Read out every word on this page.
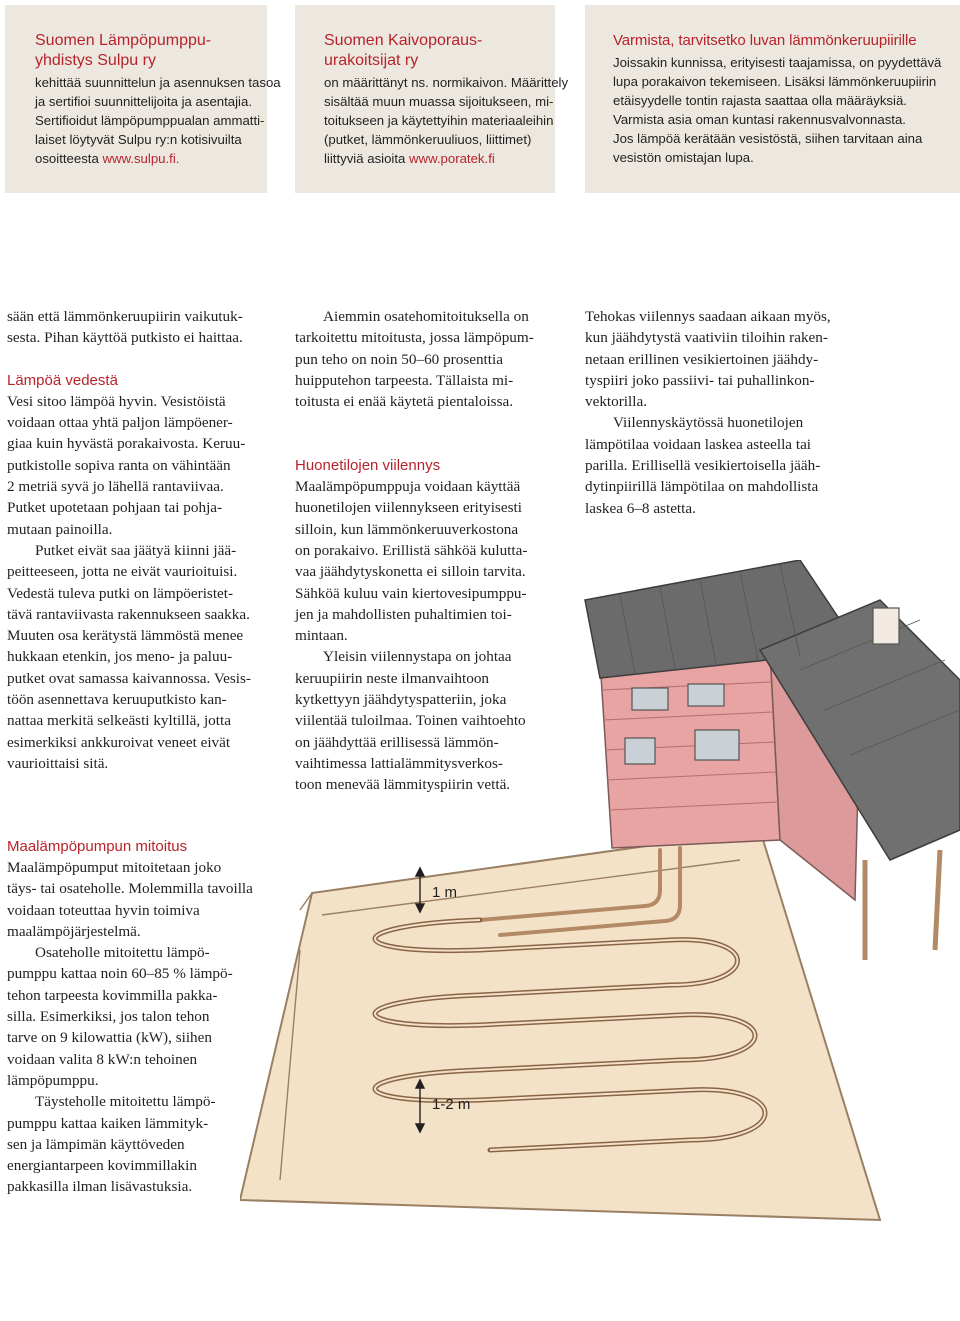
Suomen Lämpöpumppu-
yhdistys Sulpu ry
kehittää suunnittelun ja asennuksen tasoa
ja sertifioi suunnittelijoita ja asentajia.
Sertifioidut lämpöpumppualan ammatti-
laiset löytyvät Sulpu ry:n kotisivuilta
osoitteesta www.sulpu.fi.
Suomen Kaivoporaus-
urakoitsijat ry
on määrittänyt ns. normikaivon. Määrittely
sisältää muun muassa sijoitukseen, mi-
toitukseen ja käytettyihin materiaaleihin
(putket, lämmönkeruuliuos, liittimet)
liittyviä asioita www.poratek.fi
Varmista, tarvitsetko luvan lämmönkeruupiirille
Joissakin kunnissa, erityisesti taajamissa, on pyydettävä
lupa porakaivon tekemiseen. Lisäksi lämmönkeruupiirin
etäisyydelle tontin rajasta saattaa olla määräyksiä.
Varmista asia oman kuntasi rakennusvalvonnasta.
Jos lämpöä kerätään vesistöstä, siihen tarvitaan aina
vesistön omistajan lupa.
1 m
1-2 m
sään että lämmönkeruupiirin vaikutuk-
sesta. Pihan käyttöä putkisto ei haittaa.
Lämpöä vedestä
Vesi sitoo lämpöä hyvin. Vesistöistä
voidaan ottaa yhtä paljon lämpöener-
giaa kuin hyvästä porakaivosta. Keruu-
putkistolle sopiva ranta on vähintään
2 metriä syvä jo lähellä rantaviivaa.
Putket upotetaan pohjaan tai pohja-
mutaan painoilla.
Putket eivät saa jäätyä kiinni jää-
peitteeseen, jotta ne eivät vaurioituisi.
Vedestä tuleva putki on lämpöeristet-
tävä rantaviivasta rakennukseen saakka.
Muuten osa kerätystä lämmöstä menee
hukkaan etenkin, jos meno- ja paluu-
putket ovat samassa kaivannossa. Vesis-
töön asennettava keruuputkisto kan-
nattaa merkitä selkeästi kyltillä, jotta
esimerkiksi ankkuroivat veneet eivät
vaurioittaisi sitä.
Aiemmin osatehomitoituksella on
tarkoitettu mitoitusta, jossa lämpöpum-
pun teho on noin 50–60 prosenttia
huipputehon tarpeesta. Tällaista mi-
toitusta ei enää käytetä pientaloissa.
Huonetilojen viilennys
Maalämpöpumppuja voidaan käyttää
huonetilojen viilennykseen erityisesti
silloin, kun lämmönkeruuverkostona
on porakaivo. Erillistä sähköä kulutta-
vaa jäähdytyskonetta ei silloin tarvita.
Sähköä kuluu vain kiertovesipumppu-
jen ja mahdollisten puhaltimien toi-
mintaan.
Yleisin viilennystapa on johtaa
keruupiirin neste ilmanvaihtoon
kytkettyyn jäähdytyspatteriin, joka
viilentää tuloilmaa. Toinen vaihtoehto
on jäähdyttää erillisessä lämmön-
vaihtimessa lattialämmitysverkos-
toon menevää lämmityspiirin vettä.
Tehokas viilennys saadaan aikaan myös,
kun jäähdytystä vaativiin tiloihin raken-
netaan erillinen vesikiertoinen jäähdy-
tyspiiri joko passiivi- tai puhallinkon-
vektorilla.
Viilennyskäytössä huonetilojen
lämpötilaa voidaan laskea asteella tai
parilla. Erillisellä vesikiertoisella jääh-
dytinpiirillä lämpötilaa on mahdollista
laskea 6–8 astetta.
Maalämpöpumpun mitoitus
Maalämpöpumput mitoitetaan joko
täys- tai osateholle. Molemmilla tavoilla
voidaan toteuttaa hyvin toimiva
maalämpöjärjestelmä.
Osateholle mitoitettu lämpö-
pumppu kattaa noin 60–85 % lämpö-
tehon tarpeesta kovimmilla pakka-
silla. Esimerkiksi, jos talon tehon
tarve on 9 kilowattia (kW), siihen
voidaan valita 8 kW:n tehoinen
lämpöpumppu.
Täysteholle mitoitettu lämpö-
pumppu kattaa kaiken lämmityk-
sen ja lämpimän käyttöveden
energiantarpeen kovimmillakin
pakkasilla ilman lisävastuksia.
